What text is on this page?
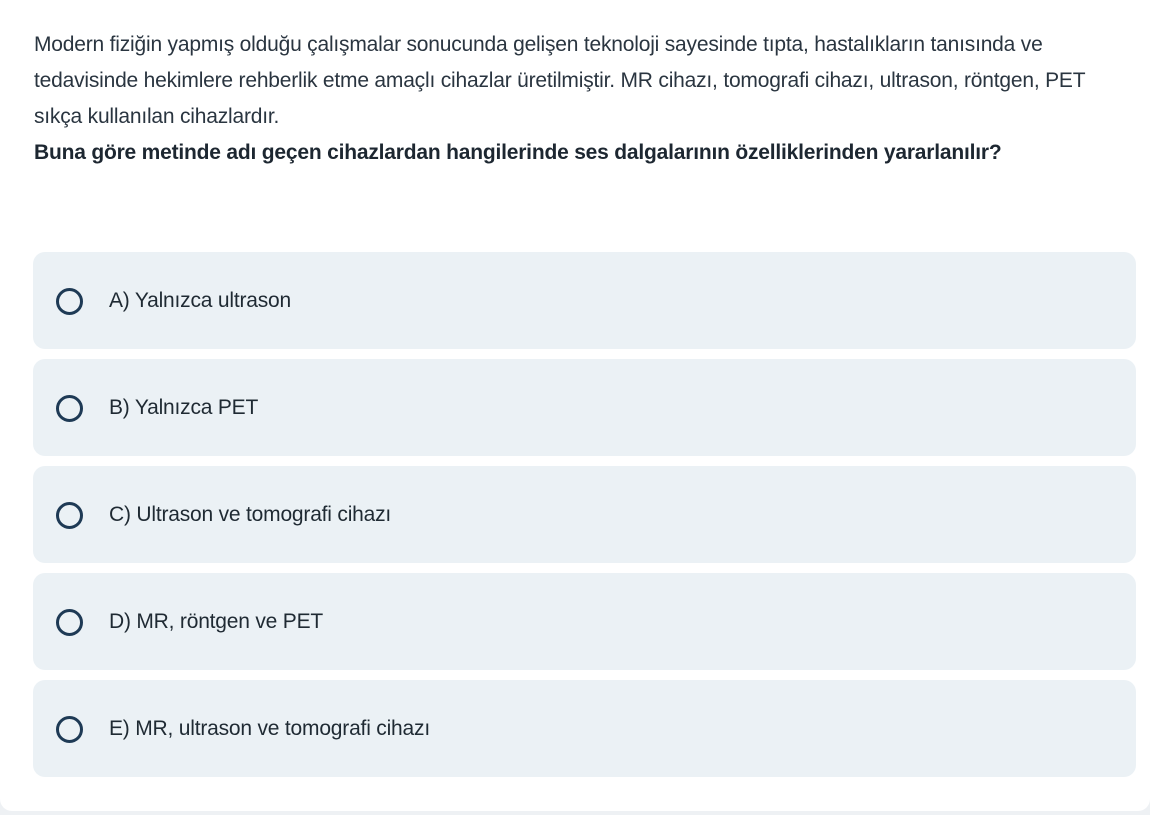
Modern fiziğin yapmış olduğu çalışmalar sonucunda gelişen teknoloji sayesinde tıpta, hastalıkların tanısında ve tedavisinde hekimlere rehberlik etme amaçlı cihazlar üretilmiştir. MR cihazı, tomografi cihazı, ultrason, röntgen, PET sıkça kullanılan cihazlardır.
Buna göre metinde adı geçen cihazlardan hangilerinde ses dalgalarının özelliklerinden yararlanılır?
A) Yalnızca ultrason
B) Yalnızca PET
C) Ultrason ve tomografi cihazı
D) MR, röntgen ve PET
E) MR, ultrason ve tomografi cihazı
